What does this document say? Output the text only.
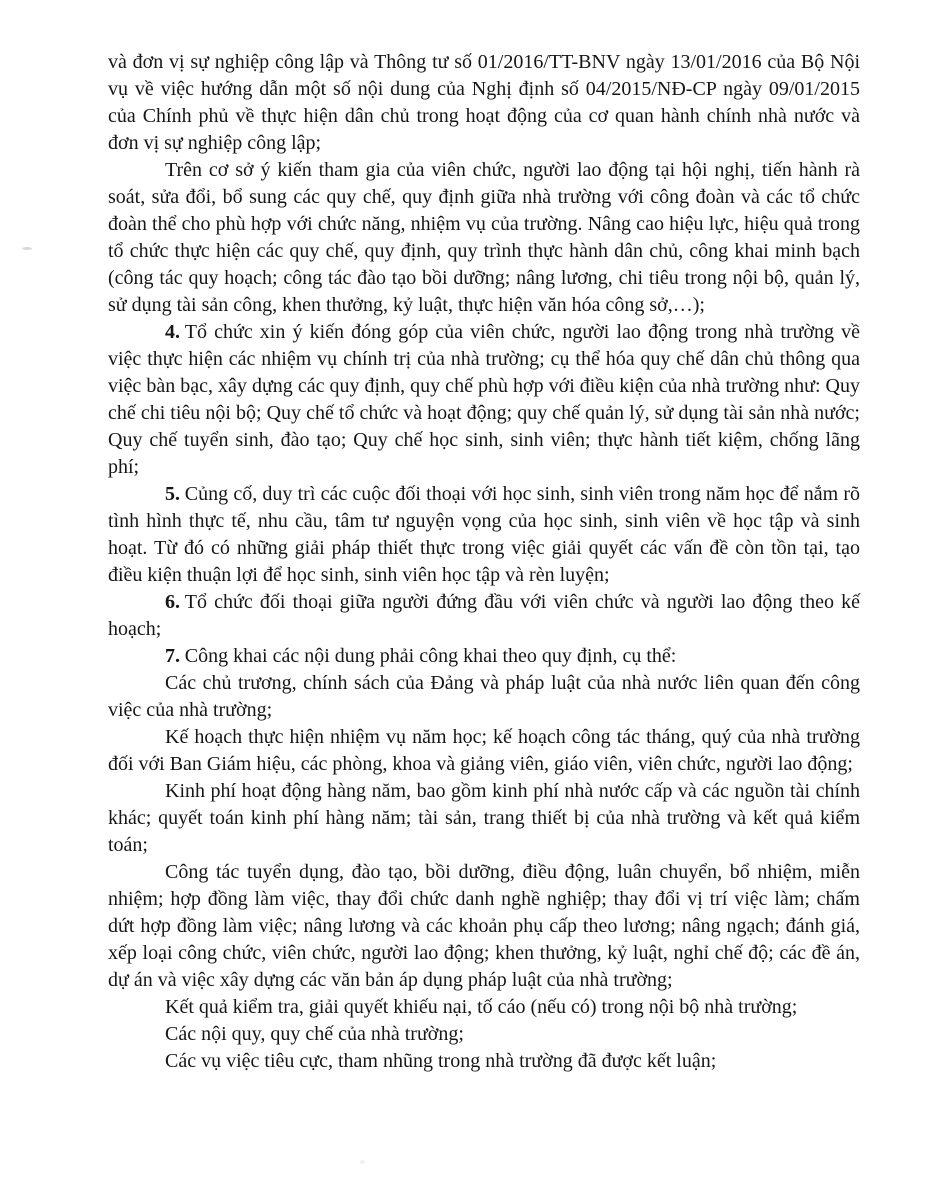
và đơn vị sự nghiệp công lập và Thông tư số 01/2016/TT-BNV ngày 13/01/2016 của Bộ Nội vụ về việc hướng dẫn một số nội dung của Nghị định số 04/2015/NĐ-CP ngày 09/01/2015 của Chính phủ về thực hiện dân chủ trong hoạt động của cơ quan hành chính nhà nước và đơn vị sự nghiệp công lập;

Trên cơ sở ý kiến tham gia của viên chức, người lao động tại hội nghị, tiến hành rà soát, sửa đổi, bổ sung các quy chế, quy định giữa nhà trường với công đoàn và các tổ chức đoàn thể cho phù hợp với chức năng, nhiệm vụ của trường. Nâng cao hiệu lực, hiệu quả trong tổ chức thực hiện các quy chế, quy định, quy trình thực hành dân chủ, công khai minh bạch (công tác quy hoạch; công tác đào tạo bồi dưỡng; nâng lương, chi tiêu trong nội bộ, quản lý, sử dụng tài sản công, khen thưởng, kỷ luật, thực hiện văn hóa công sở,…);

4. Tổ chức xin ý kiến đóng góp của viên chức, người lao động trong nhà trường về việc thực hiện các nhiệm vụ chính trị của nhà trường; cụ thể hóa quy chế dân chủ thông qua việc bàn bạc, xây dựng các quy định, quy chế phù hợp với điều kiện của nhà trường như: Quy chế chi tiêu nội bộ; Quy chế tổ chức và hoạt động; quy chế quản lý, sử dụng tài sản nhà nước; Quy chế tuyển sinh, đào tạo; Quy chế học sinh, sinh viên; thực hành tiết kiệm, chống lãng phí;

5. Củng cố, duy trì các cuộc đối thoại với học sinh, sinh viên trong năm học để nắm rõ tình hình thực tế, nhu cầu, tâm tư nguyện vọng của học sinh, sinh viên về học tập và sinh hoạt. Từ đó có những giải pháp thiết thực trong việc giải quyết các vấn đề còn tồn tại, tạo điều kiện thuận lợi để học sinh, sinh viên học tập và rèn luyện;

6. Tổ chức đối thoại giữa người đứng đầu với viên chức và người lao động theo kế hoạch;

7. Công khai các nội dung phải công khai theo quy định, cụ thể:

Các chủ trương, chính sách của Đảng và pháp luật của nhà nước liên quan đến công việc của nhà trường;

Kế hoạch thực hiện nhiệm vụ năm học; kế hoạch công tác tháng, quý của nhà trường đối với Ban Giám hiệu, các phòng, khoa và giảng viên, giáo viên, viên chức, người lao động;

Kinh phí hoạt động hàng năm, bao gồm kinh phí nhà nước cấp và các nguồn tài chính khác; quyết toán kinh phí hàng năm; tài sản, trang thiết bị của nhà trường và kết quả kiểm toán;

Công tác tuyển dụng, đào tạo, bồi dưỡng, điều động, luân chuyển, bổ nhiệm, miễn nhiệm; hợp đồng làm việc, thay đổi chức danh nghề nghiệp; thay đổi vị trí việc làm; chấm dứt hợp đồng làm việc; nâng lương và các khoản phụ cấp theo lương; nâng ngạch; đánh giá, xếp loại công chức, viên chức, người lao động; khen thưởng, kỷ luật, nghỉ chế độ; các đề án, dự án và việc xây dựng các văn bản áp dụng pháp luật của nhà trường;

Kết quả kiểm tra, giải quyết khiếu nại, tố cáo (nếu có) trong nội bộ nhà trường;

Các nội quy, quy chế của nhà trường;

Các vụ việc tiêu cực, tham nhũng trong nhà trường đã được kết luận;
